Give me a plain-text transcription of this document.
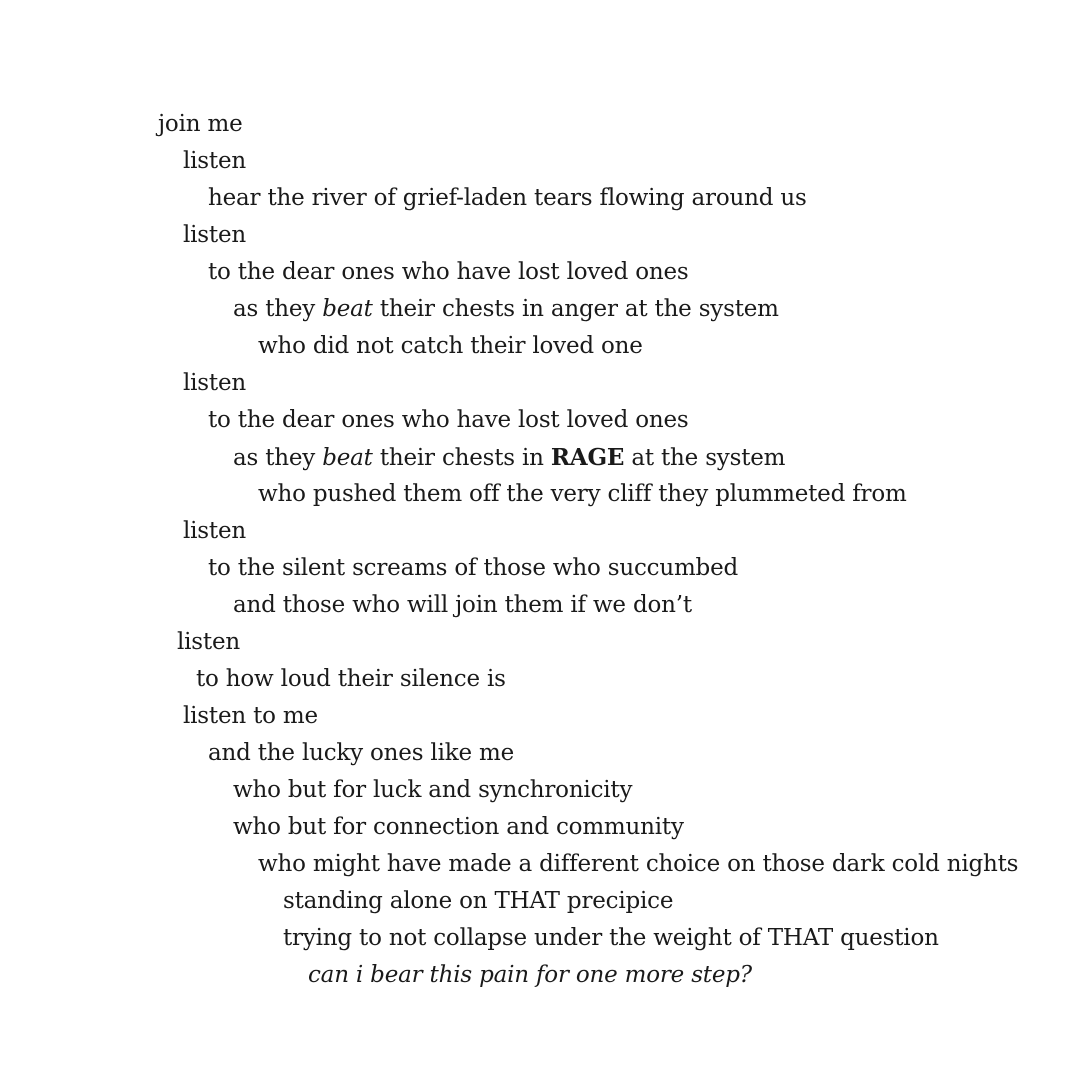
join me
listen
hear the river of grief-laden tears flowing around us
listen
to the dear ones who have lost loved ones
as they beat their chests in anger at the system
who did not catch their loved one
listen
to the dear ones who have lost loved ones
as they beat their chests in RAGE at the system
who pushed them off the very cliff they plummeted from
listen
to the silent screams of those who succumbed
and those who will join them if we don’t
listen
to how loud their silence is
listen to me
and the lucky ones like me
who but for luck and synchronicity
who but for connection and community
who might have made a different choice on those dark cold nights
standing alone on THAT precipice
trying to not collapse under the weight of THAT question
can i bear this pain for one more step?
